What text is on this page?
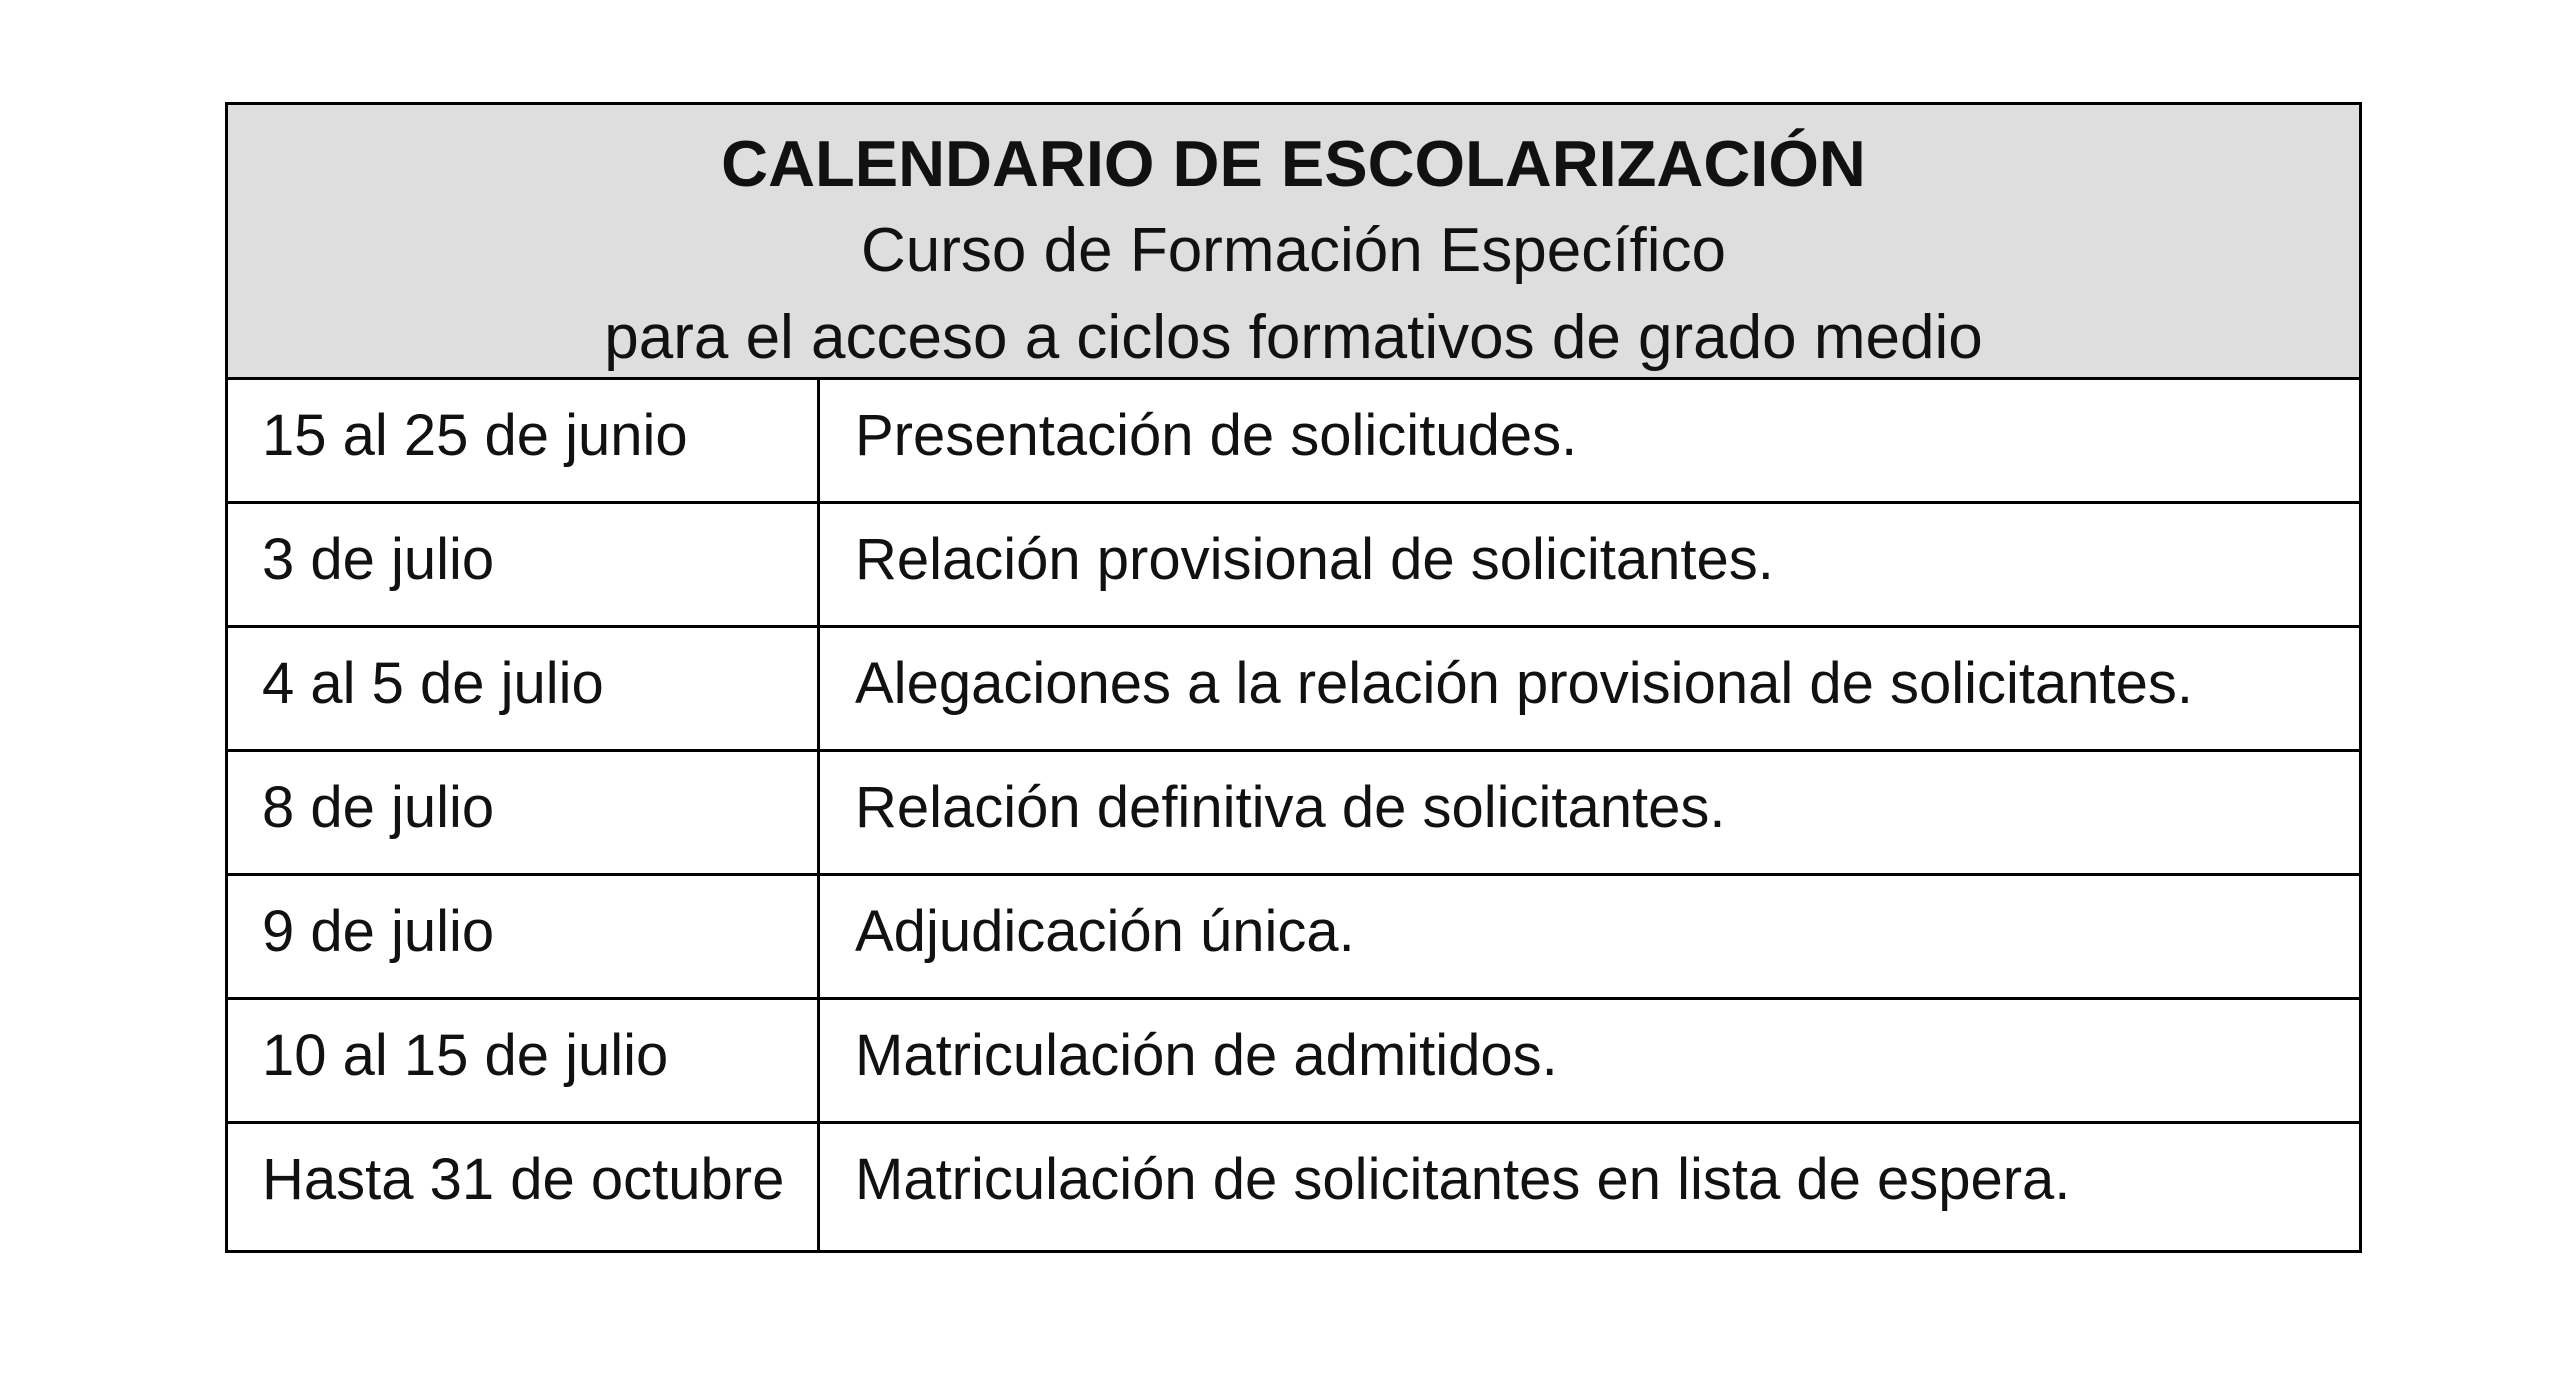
CALENDARIO DE ESCOLARIZACIÓN
Curso de Formación Específico
para el acceso a ciclos formativos de grado medio
15 al 25 de junio	Presentación de solicitudes.
3 de julio	Relación provisional de solicitantes.
4 al 5 de julio	Alegaciones a la relación provisional de solicitantes.
8 de julio	Relación definitiva de solicitantes.
9 de julio	Adjudicación única.
10 al 15 de julio	Matriculación de admitidos.
Hasta 31 de octubre	Matriculación de solicitantes en lista de espera.
